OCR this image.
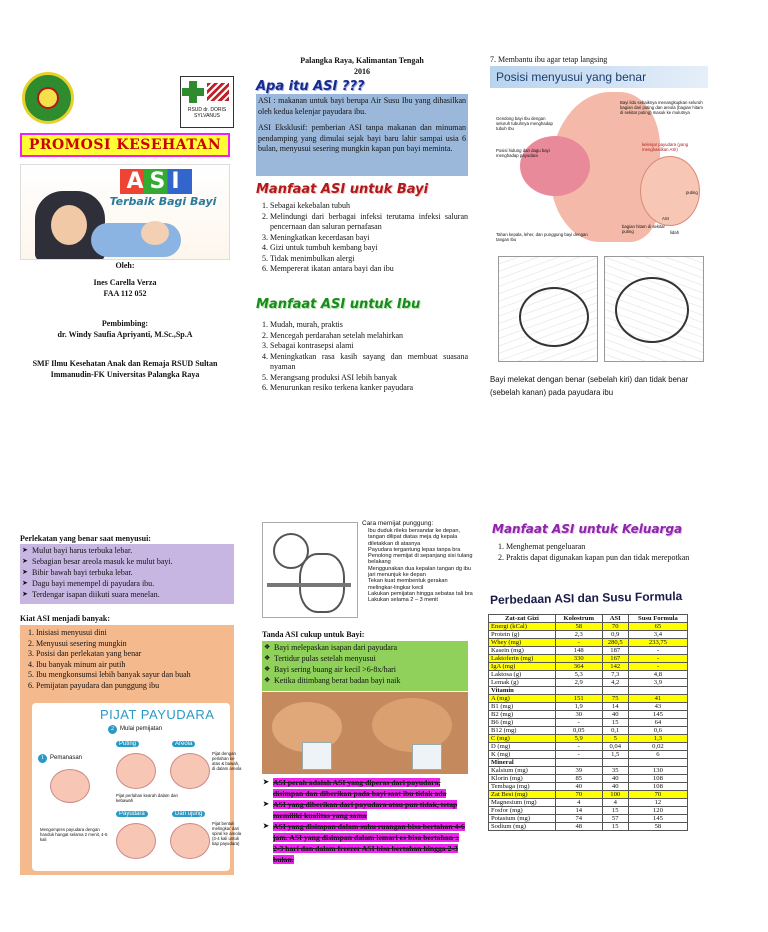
RSUD dr. DORIS SYLVANUS
PROMOSI KESEHATAN
ASI
Terbaik Bagi Bayi
Oleh:
Ines Carella Verza
FAA 112 052
Pembimbing:
dr. Windy Saufia Apriyanti, M.Sc.,Sp.A
SMF Ilmu Kesehatan Anak dan Remaja RSUD Sultan Immanudin-FK Universitas Palangka Raya
Palangka Raya, Kalimantan Tengah
2016
Apa itu ASI ???

ASI : makanan untuk bayi berupa Air Susu Ibu yang dihasilkan oleh kedua kelenjar payudara ibu.

ASI Eksklusif: pemberian ASI tanpa makanan dan minuman pendamping yang dimulai sejak bayi baru lahir sampai usia 6 bulan, menyusui sesering mungkin kapan pun bayi meminta.

Manfaat ASI untuk Bayi
1. Sebagai kekebalan tubuh
2. Melindungi dari berbagai infeksi terutama infeksi saluran pencernaan dan saluran pernafasan
3. Meningkatkan kecerdasan bayi
4. Gizi untuk tumbuh kembang bayi
5. Tidak menimbulkan alergi
6. Mempererat ikatan antara bayi dan ibu
Manfaat ASI untuk Ibu
1. Mudah, murah, praktis
2. Mencegah perdarahan setelah melahirkan
3. Sebagai kontrasepsi alami
4. Meningkatkan rasa kasih sayang dan membuat suasana nyaman
5. Merangsang produksi ASI lebih banyak
6. Menurunkan resiko terkena kanker payudara
7. Membantu ibu agar tetap langsing
Posisi menyusui yang benar
Bayi lidu sebaiknya menangkupkan seluruh bagian dari puting dan areola (bagian hitam di sekitar puting) masuk ke mulutnya
Gendong bayi Ibu dengan seluruh tubuhnya menghadap tubuh Ibu
Posisi hidung dan dagu bayi menghadap payudara
kelenjar payudara (yang menghasilkan ASI)
puting
ASI
bagian hitam di sekitar puting	lidah
Tahan kepala, leher, dan punggung bayi dengan tangan Ibu
Bayi melekat dengan benar (sebelah kiri) dan tidak benar (sebelah kanan) pada payudara ibu
Perlekatan yang benar saat menyusui:
➤ Mulut bayi harus terbuka lebar.
➤ Sebagian besar areola masuk ke mulut bayi.
➤ Bibir bawah bayi terbuka lebar.
➤ Dagu bayi menempel di payudara ibu.
➤ Terdengar isapan diikuti suara menelan.
Kiat ASI menjadi banyak:
1. Inisiasi menyusui dini
2. Menyusui sesering mungkin
3. Posisi dan perlekatan yang benar
4. Ibu banyak minum air putih
5. Ibu mengkonsumsi lebih banyak sayur dan buah
6. Pemijatan payudara dan punggung ibu
PIJAT PAYUDARA
2	Mulai pemijatan
1	Pemanasan
Puting	Areola
Pijat perlahan kearah dalam dan kebawah
Pijat dengan perlahan ke atas & bawah, di dalam areola
Payudara	Dari ujung
Mengompres payudara dengan handuk hangat selama 2 menit, 4-5 kali
Pijat bentuk melingkar dari spiral ke areola (3-4 kali untuk tiap payudara)
Cara memijat punggung:
Ibu duduk rileks bersandar ke depan, tangan dilipat diatas meja dg kepala diletakkan di atasnya
Payudara tergantung lepas tanpa bra
Penolong memijat di sepanjang sisi tulang belakang
Menggunakan dua kepalan tangan dg ibu jari menunjuk ke depan
Tekan kuat membentuk gerakan melingkar-lingkar kecil
Lakukan pemijatan hingga sebatas tali bra
Lakukan selama 2 – 3 menit
Tanda ASI cukup untuk Bayi:
❖ Bayi melepaskan isapan dari payudara
❖ Tertidur pulas setelah menyusui
❖ Bayi sering buang air kecil >6-8x/hari
❖ Ketika ditimbang berat badan bayi naik
➤ ASI perah adalah ASI yang diperas dari payudara, disimpan dan diberikan pada bayi saat ibu tidak ada
➤ ASI yang diberikan dari payudara atau pun tidak, tetap memiliki kualitas yang sama
➤ ASI yang disimpan dalam suhu ruangan bisa bertahan 4-6 jam. ASI yang disimpan dalam lemari es bisa bertahan ± 2-3 hari dan dalam freezer ASI bisa bertahan hingga 2-3 bulan.
Manfaat ASI untuk Keluarga
1. Menghemat pengeluaran
2. Praktis dapat digunakan kapan pun dan tidak merepotkan
Perbedaan ASI dan Susu Formula
Zat-zat Gizi	Kolostrum	ASI	Susu Formula
Energi (kCal)	58	70	65
Protein (g)	2,3	0,9	3,4
Whey (mg)	-	280,5	233,75
Kasein (mg)	148	187	-
Laktoferin (mg)	330	167	-
IgA (mg)	364	142	-
Laktosa (g)	5,3	7,3	4,8
Lemak (g)	2,9	4,2	3,9
Vitamin			
A (mg)	151	75	41
B1 (mg)	1,9	14	43
B2 (mg)	30	40	145
B6 (mg)	-	15	64
B12 (mg)	0,05	0,1	0,6
C (mg)	5,9	5	1,3
D (mg)	-	0,04	0,02
K (mg)	-	1,5	6
Mineral			
Kalsium (mg)	39	35	130
Klorin (mg)	85	40	108
Tembaga (mg)	40	40	108
Zat Besi (mg)	70	100	70
Magnesium (mg)	4	4	12
Fosfor (mg)	14	15	120
Potasium (mg)	74	57	145
Sodium (mg)	48	15	58
